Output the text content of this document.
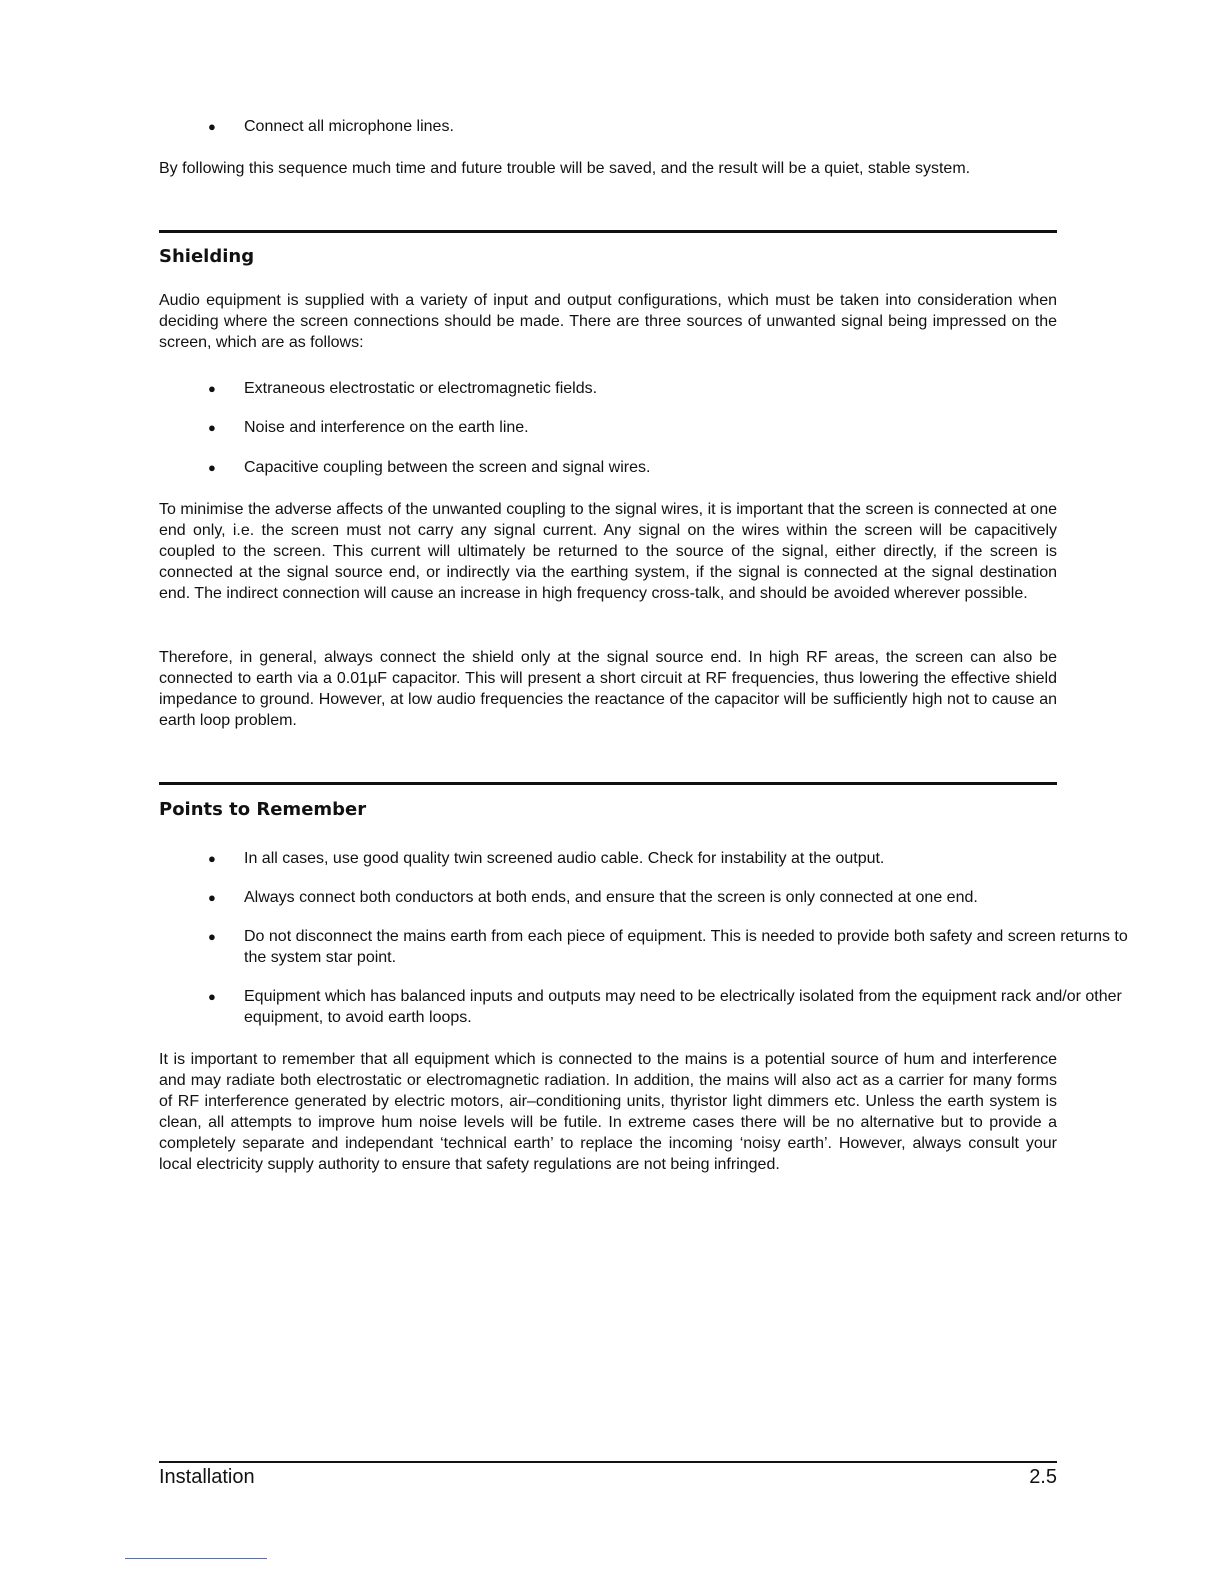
● Connect all microphone lines.

By following this sequence much time and future trouble will be saved, and the result will be a quiet, stable system.

Shielding

Audio equipment is supplied with a variety of input and output configurations, which must be taken into consideration when deciding where the screen connections should be made. There are three sources of unwanted signal being impressed on the screen, which are as follows:

● Extraneous electrostatic or electromagnetic fields.

● Noise and interference on the earth line.

● Capacitive coupling between the screen and signal wires.

To minimise the adverse affects of the unwanted coupling to the signal wires, it is important that the screen is connected at one end only, i.e. the screen must not carry any signal current. Any signal on the wires within the screen will be capacitively coupled to the screen. This current will ultimately be returned to the source of the signal, either directly, if the screen is connected at the signal source end, or indirectly via the earthing system, if the signal is connected at the signal destination end. The indirect connection will cause an increase in high frequency cross-talk, and should be avoided wherever possible.

Therefore, in general, always connect the shield only at the signal source end. In high RF areas, the screen can also be connected to earth via a 0.01µF capacitor. This will present a short circuit at RF frequencies, thus lowering the effective shield impedance to ground. However, at low audio frequencies the reactance of the capacitor will be sufficiently high not to cause an earth loop problem.

Points to Remember

● In all cases, use good quality twin screened audio cable. Check for instability at the output.

● Always connect both conductors at both ends, and ensure that the screen is only connected at one end.

● Do not disconnect the mains earth from each piece of equipment. This is needed to provide both safety and screen returns to the system star point.

● Equipment which has balanced inputs and outputs may need to be electrically isolated from the equipment rack and/or other equipment, to avoid earth loops.

It is important to remember that all equipment which is connected to the mains is a potential source of hum and interference and may radiate both electrostatic or electromagnetic radiation. In addition, the mains will also act as a carrier for many forms of RF interference generated by electric motors, air–conditioning units, thyristor light dimmers etc. Unless the earth system is clean, all attempts to improve hum noise levels will be futile. In extreme cases there will be no alternative but to provide a completely separate and independant ‘technical earth’ to replace the incoming ‘noisy earth’. However, always consult your local electricity supply authority to ensure that safety regulations are not being infringed.

Installation	2.5
